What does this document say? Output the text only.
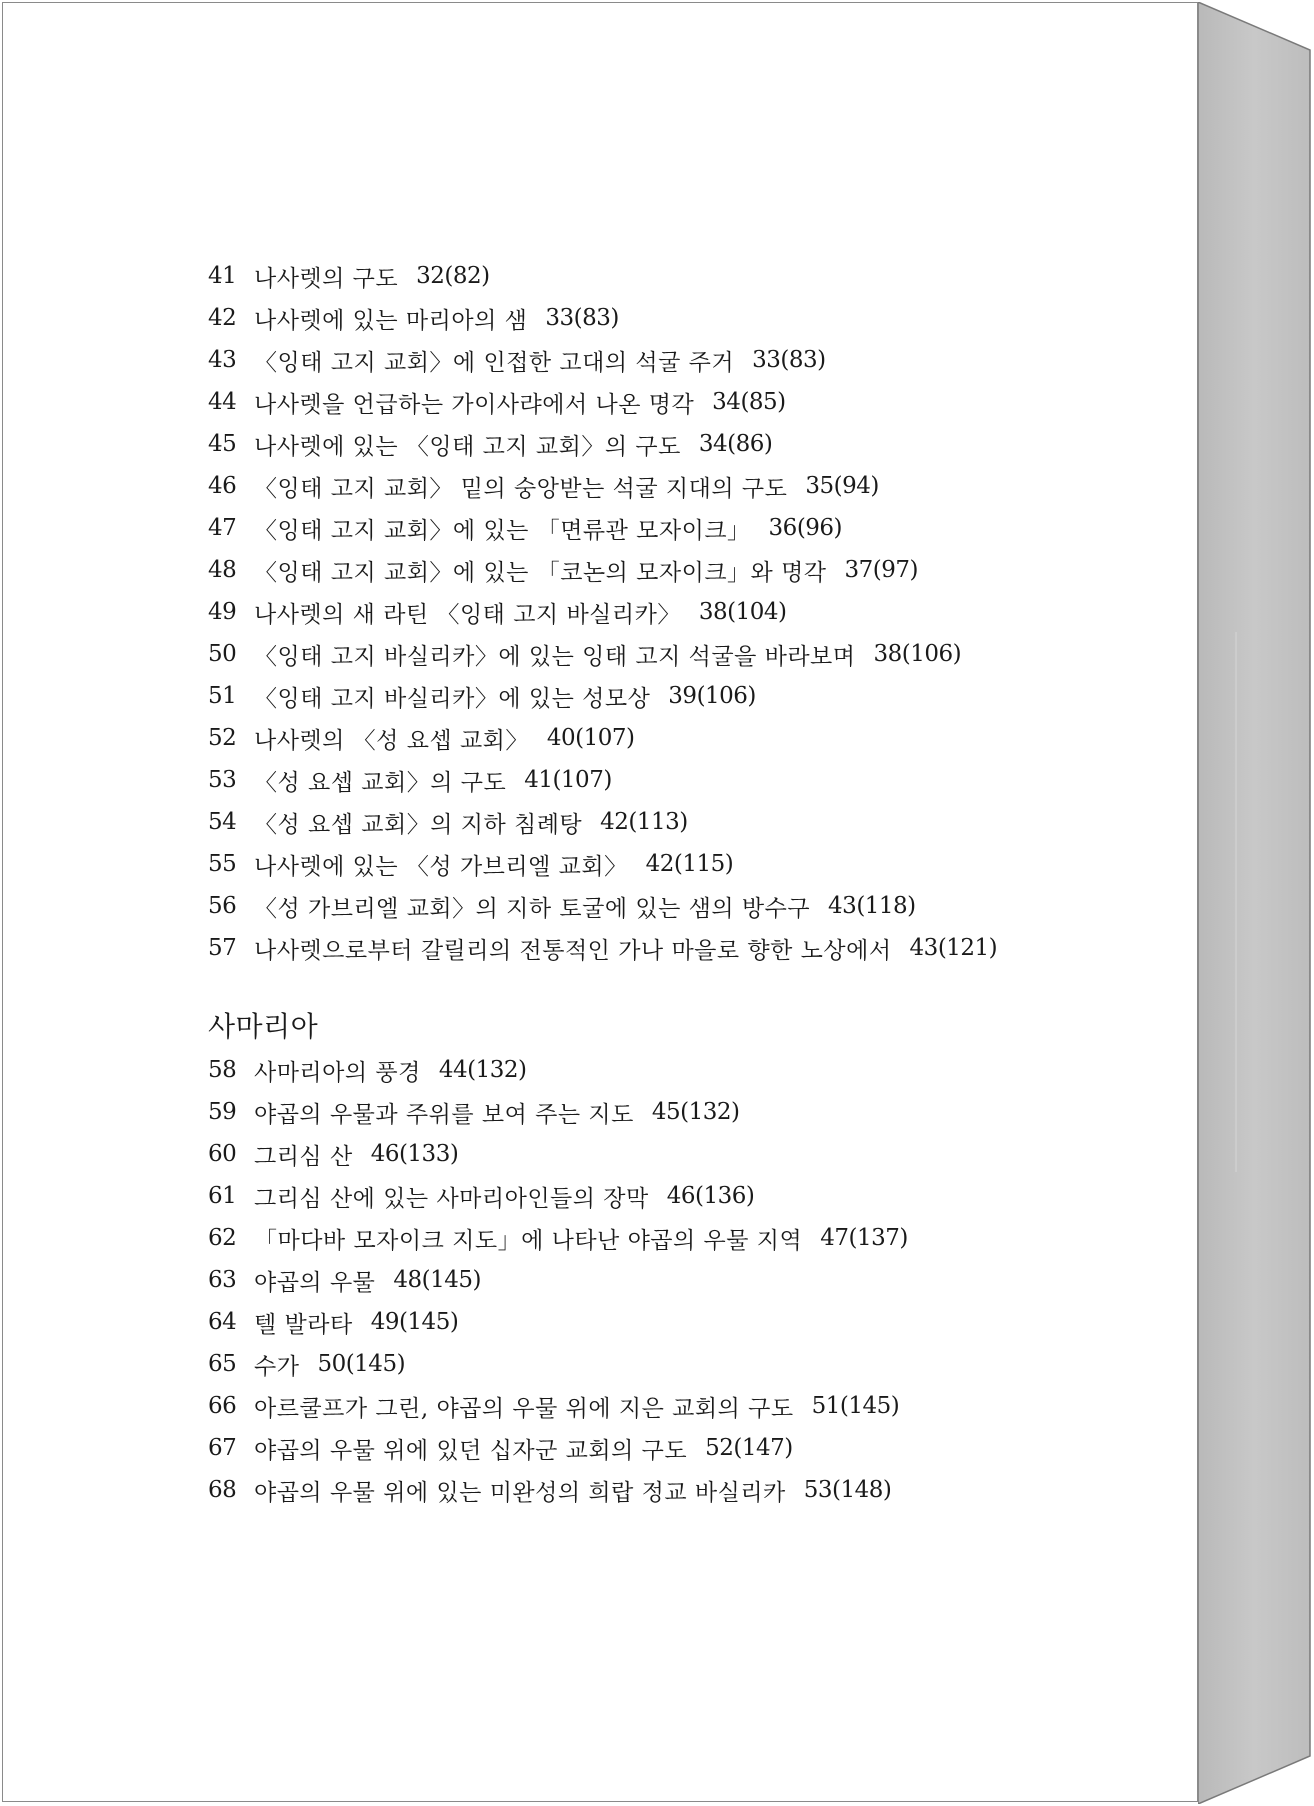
41 나사렛의 구도 32(82)
42 나사렛에 있는 마리아의 샘 33(83)
43 〈잉태 고지 교회〉에 인접한 고대의 석굴 주거 33(83)
44 나사렛을 언급하는 가이사랴에서 나온 명각 34(85)
45 나사렛에 있는 〈잉태 고지 교회〉의 구도 34(86)
46 〈잉태 고지 교회〉 밑의 숭앙받는 석굴 지대의 구도 35(94)
47 〈잉태 고지 교회〉에 있는 「면류관 모자이크」 36(96)
48 〈잉태 고지 교회〉에 있는 「코논의 모자이크」와 명각 37(97)
49 나사렛의 새 라틴 〈잉태 고지 바실리카〉 38(104)
50 〈잉태 고지 바실리카〉에 있는 잉태 고지 석굴을 바라보며 38(106)
51 〈잉태 고지 바실리카〉에 있는 성모상 39(106)
52 나사렛의 〈성 요셉 교회〉 40(107)
53 〈성 요셉 교회〉의 구도 41(107)
54 〈성 요셉 교회〉의 지하 침례탕 42(113)
55 나사렛에 있는 〈성 가브리엘 교회〉 42(115)
56 〈성 가브리엘 교회〉의 지하 토굴에 있는 샘의 방수구 43(118)
57 나사렛으로부터 갈릴리의 전통적인 가나 마을로 향한 노상에서 43(121)
사마리아
58 사마리아의 풍경 44(132)
59 야곱의 우물과 주위를 보여 주는 지도 45(132)
60 그리심 산 46(133)
61 그리심 산에 있는 사마리아인들의 장막 46(136)
62 「마다바 모자이크 지도」에 나타난 야곱의 우물 지역 47(137)
63 야곱의 우물 48(145)
64 텔 발라타 49(145)
65 수가 50(145)
66 아르쿨프가 그린, 야곱의 우물 위에 지은 교회의 구도 51(145)
67 야곱의 우물 위에 있던 십자군 교회의 구도 52(147)
68 야곱의 우물 위에 있는 미완성의 희랍 정교 바실리카 53(148)
